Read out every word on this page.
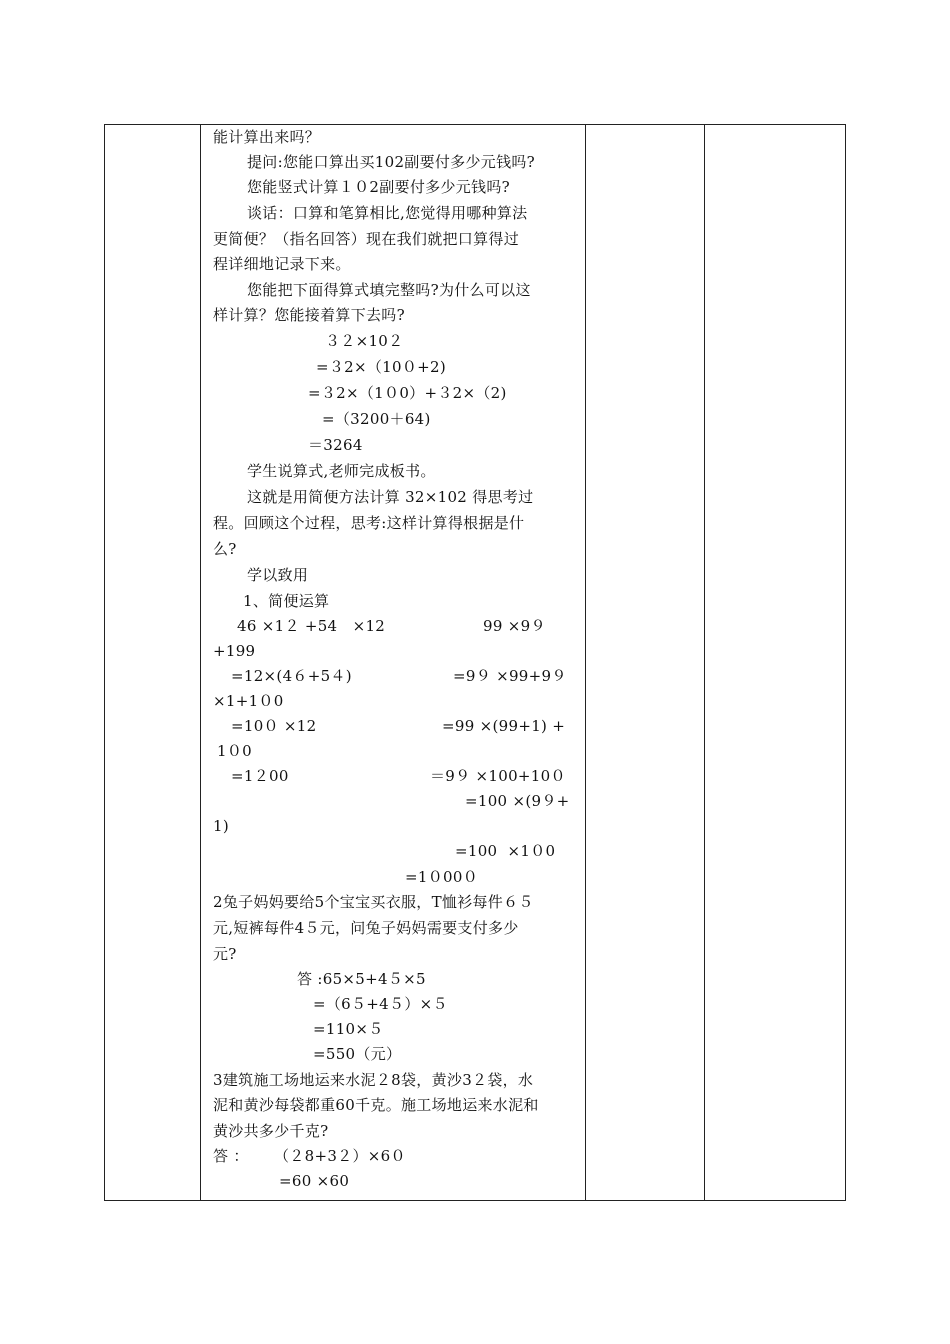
能计算出来吗？
提问:您能口算出买102副要付多少元钱吗?
您能竖式计算１０2副要付多少元钱吗?
谈话：口算和笔算相比,您觉得用哪种算法
更简便？（指名回答）现在我们就把口算得过
程详细地记录下来。
您能把下面得算式填完整吗?为什么可以这
样计算？您能接着算下去吗?
３２×10２
=３2×（10０+2)
=３2×（1０0）+３2×（2)
=（3200＋64)
＝3264
学生说算式,老师完成板书。
这就是用简便方法计算 32×102 得思考过
程。回顾这个过程，思考:这样计算得根据是什
么?
学以致用
1、简便运算
46 ×1２ +54   ×12	99 ×9９
+199
=12×(4６+5４)	=9９ ×99+9９
×1+1０0
=10０ ×12	=99 ×(99+1) +
1０0
=1２00	＝9９ ×100+10０
=100 ×(9９+
1)
=100  ×1０0
=1０00０
2兔子妈妈要给5个宝宝买衣服，T恤衫每件６５
元,短裤每件4５元，问兔子妈妈需要支付多少
元?
答 :65×5+4５×5
=（6５+4５）×５
=110×５
=550（元）
3建筑施工场地运来水泥２8袋，黄沙3２袋，水
泥和黄沙每袋都重60千克。施工场地运来水泥和
黄沙共多少千克?
答 ：     （２8+3２）×6０
=60 ×60
